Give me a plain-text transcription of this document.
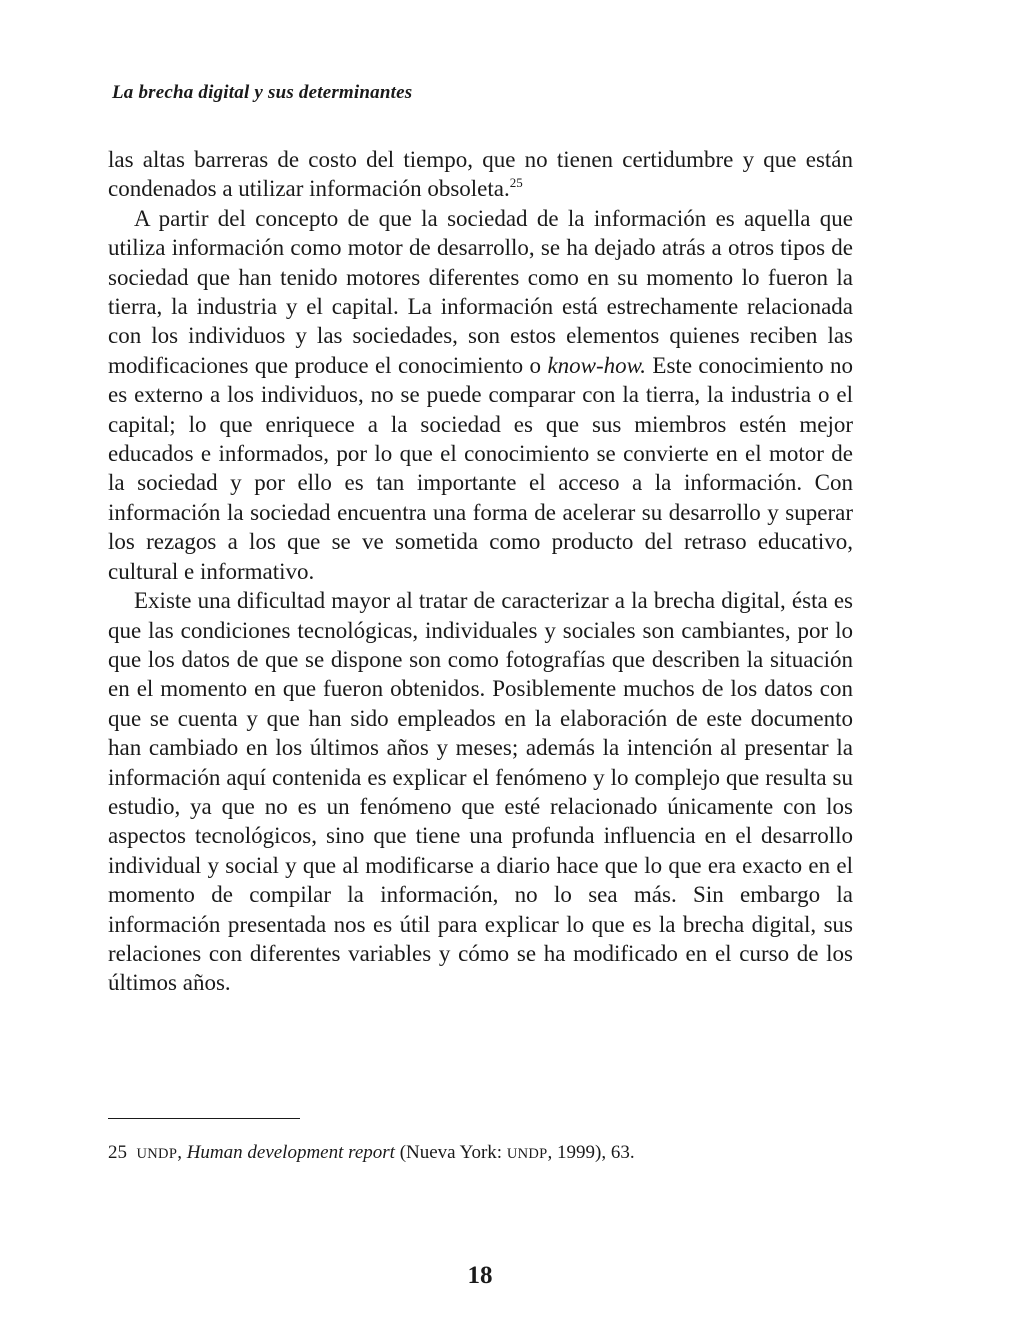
La brecha digital y sus determinantes

las altas barreras de costo del tiempo, que no tienen certidumbre y que están condenados a utilizar información obsoleta.$^{25}$

A partir del concepto de que la sociedad de la información es aquella que utiliza información como motor de desarrollo, se ha dejado atrás a otros tipos de sociedad que han tenido motores diferentes como en su momento lo fueron la tierra, la industria y el capital. La información está estrechamente relacionada con los individuos y las sociedades, son estos elementos quienes reciben las modificaciones que produce el conocimiento o know-how. Este conocimiento no es externo a los individuos, no se puede comparar con la tierra, la industria o el capital; lo que enriquece a la sociedad es que sus miembros estén mejor educados e informados, por lo que el conocimiento se convierte en el motor de la sociedad y por ello es tan importante el acceso a la información. Con información la sociedad encuentra una forma de acelerar su desarrollo y superar los rezagos a los que se ve sometida como producto del retraso educativo, cultural e informativo.

Existe una dificultad mayor al tratar de caracterizar a la brecha digital, ésta es que las condiciones tecnológicas, individuales y sociales son cambiantes, por lo que los datos de que se dispone son como fotografías que describen la situación en el momento en que fueron obtenidos. Posiblemente muchos de los datos con que se cuenta y que han sido empleados en la elaboración de este documento han cambiado en los últimos años y meses; además la intención al presentar la información aquí contenida es explicar el fenómeno y lo complejo que resulta su estudio, ya que no es un fenómeno que esté relacionado únicamente con los aspectos tecnológicos, sino que tiene una profunda influencia en el desarrollo individual y social y que al modificarse a diario hace que lo que era exacto en el momento de compilar la información, no lo sea más. Sin embargo la información presentada nos es útil para explicar lo que es la brecha digital, sus relaciones con diferentes variables y cómo se ha modificado en el curso de los últimos años.

25 UNDP, Human development report (Nueva York: UNDP, 1999), 63.
18
